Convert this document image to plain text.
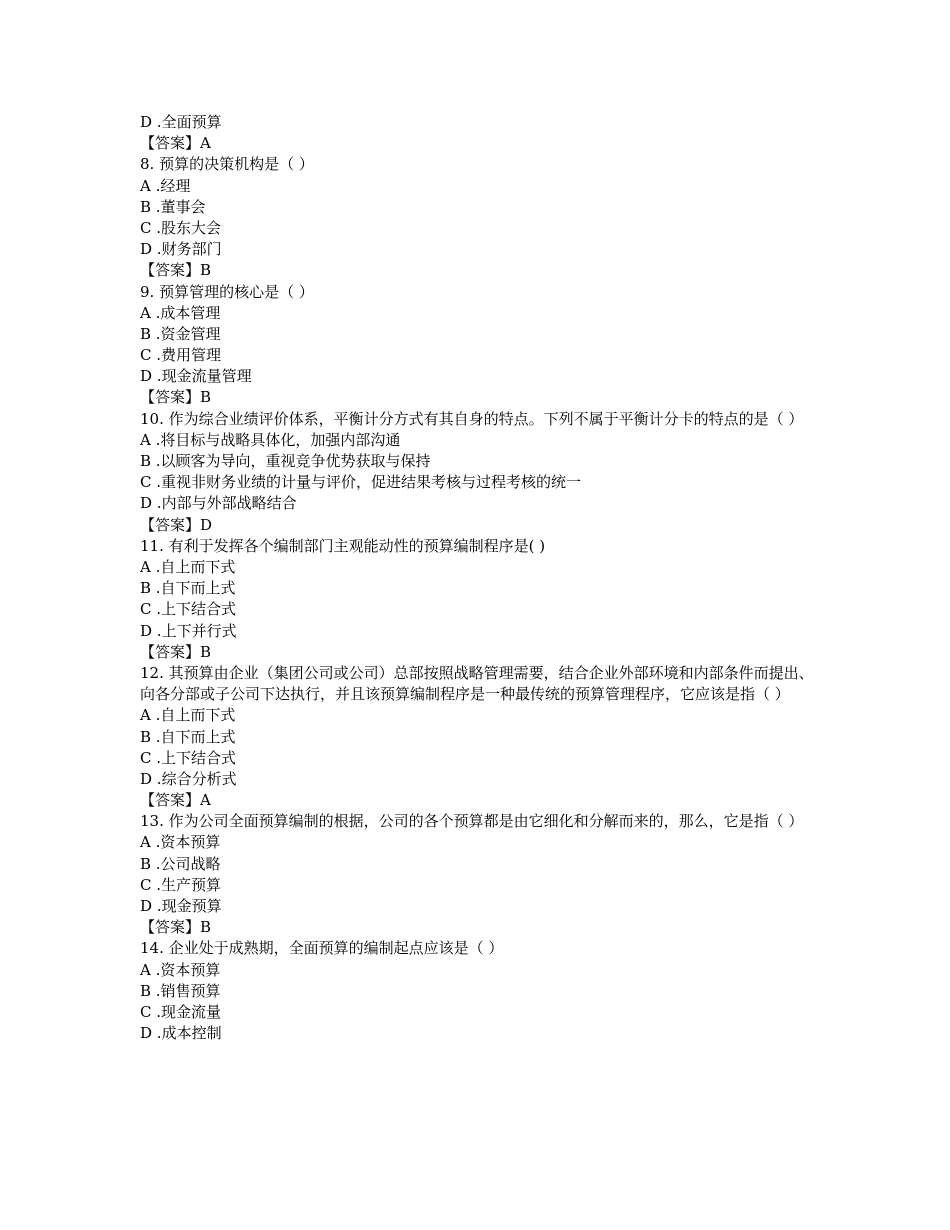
D .全面预算
【答案】A
8. 预算的决策机构是（ ）
A .经理
B .董事会
C .股东大会
D .财务部门
【答案】B
9. 预算管理的核心是（ ）
A .成本管理
B .资金管理
C .费用管理
D .现金流量管理
【答案】B
10. 作为综合业绩评价体系，平衡计分方式有其自身的特点。下列不属于平衡计分卡的特点的是（ ）
A .将目标与战略具体化，加强内部沟通
B .以顾客为导向，重视竞争优势获取与保持
C .重视非财务业绩的计量与评价，促进结果考核与过程考核的统一
D .内部与外部战略结合
【答案】D
11. 有利于发挥各个编制部门主观能动性的预算编制程序是( )
A .自上而下式
B .自下而上式
C .上下结合式
D .上下并行式
【答案】B
12. 其预算由企业（集团公司或公司）总部按照战略管理需要，结合企业外部环境和内部条件而提出、向各分部或子公司下达执行，并且该预算编制程序是一种最传统的预算管理程序，它应该是指（ ）
A .自上而下式
B .自下而上式
C .上下结合式
D .综合分析式
【答案】A
13. 作为公司全面预算编制的根据，公司的各个预算都是由它细化和分解而来的，那么，它是指（ ）
A .资本预算
B .公司战略
C .生产预算
D .现金预算
【答案】B
14. 企业处于成熟期，全面预算的编制起点应该是（ ）
A .资本预算
B .销售预算
C .现金流量
D .成本控制
